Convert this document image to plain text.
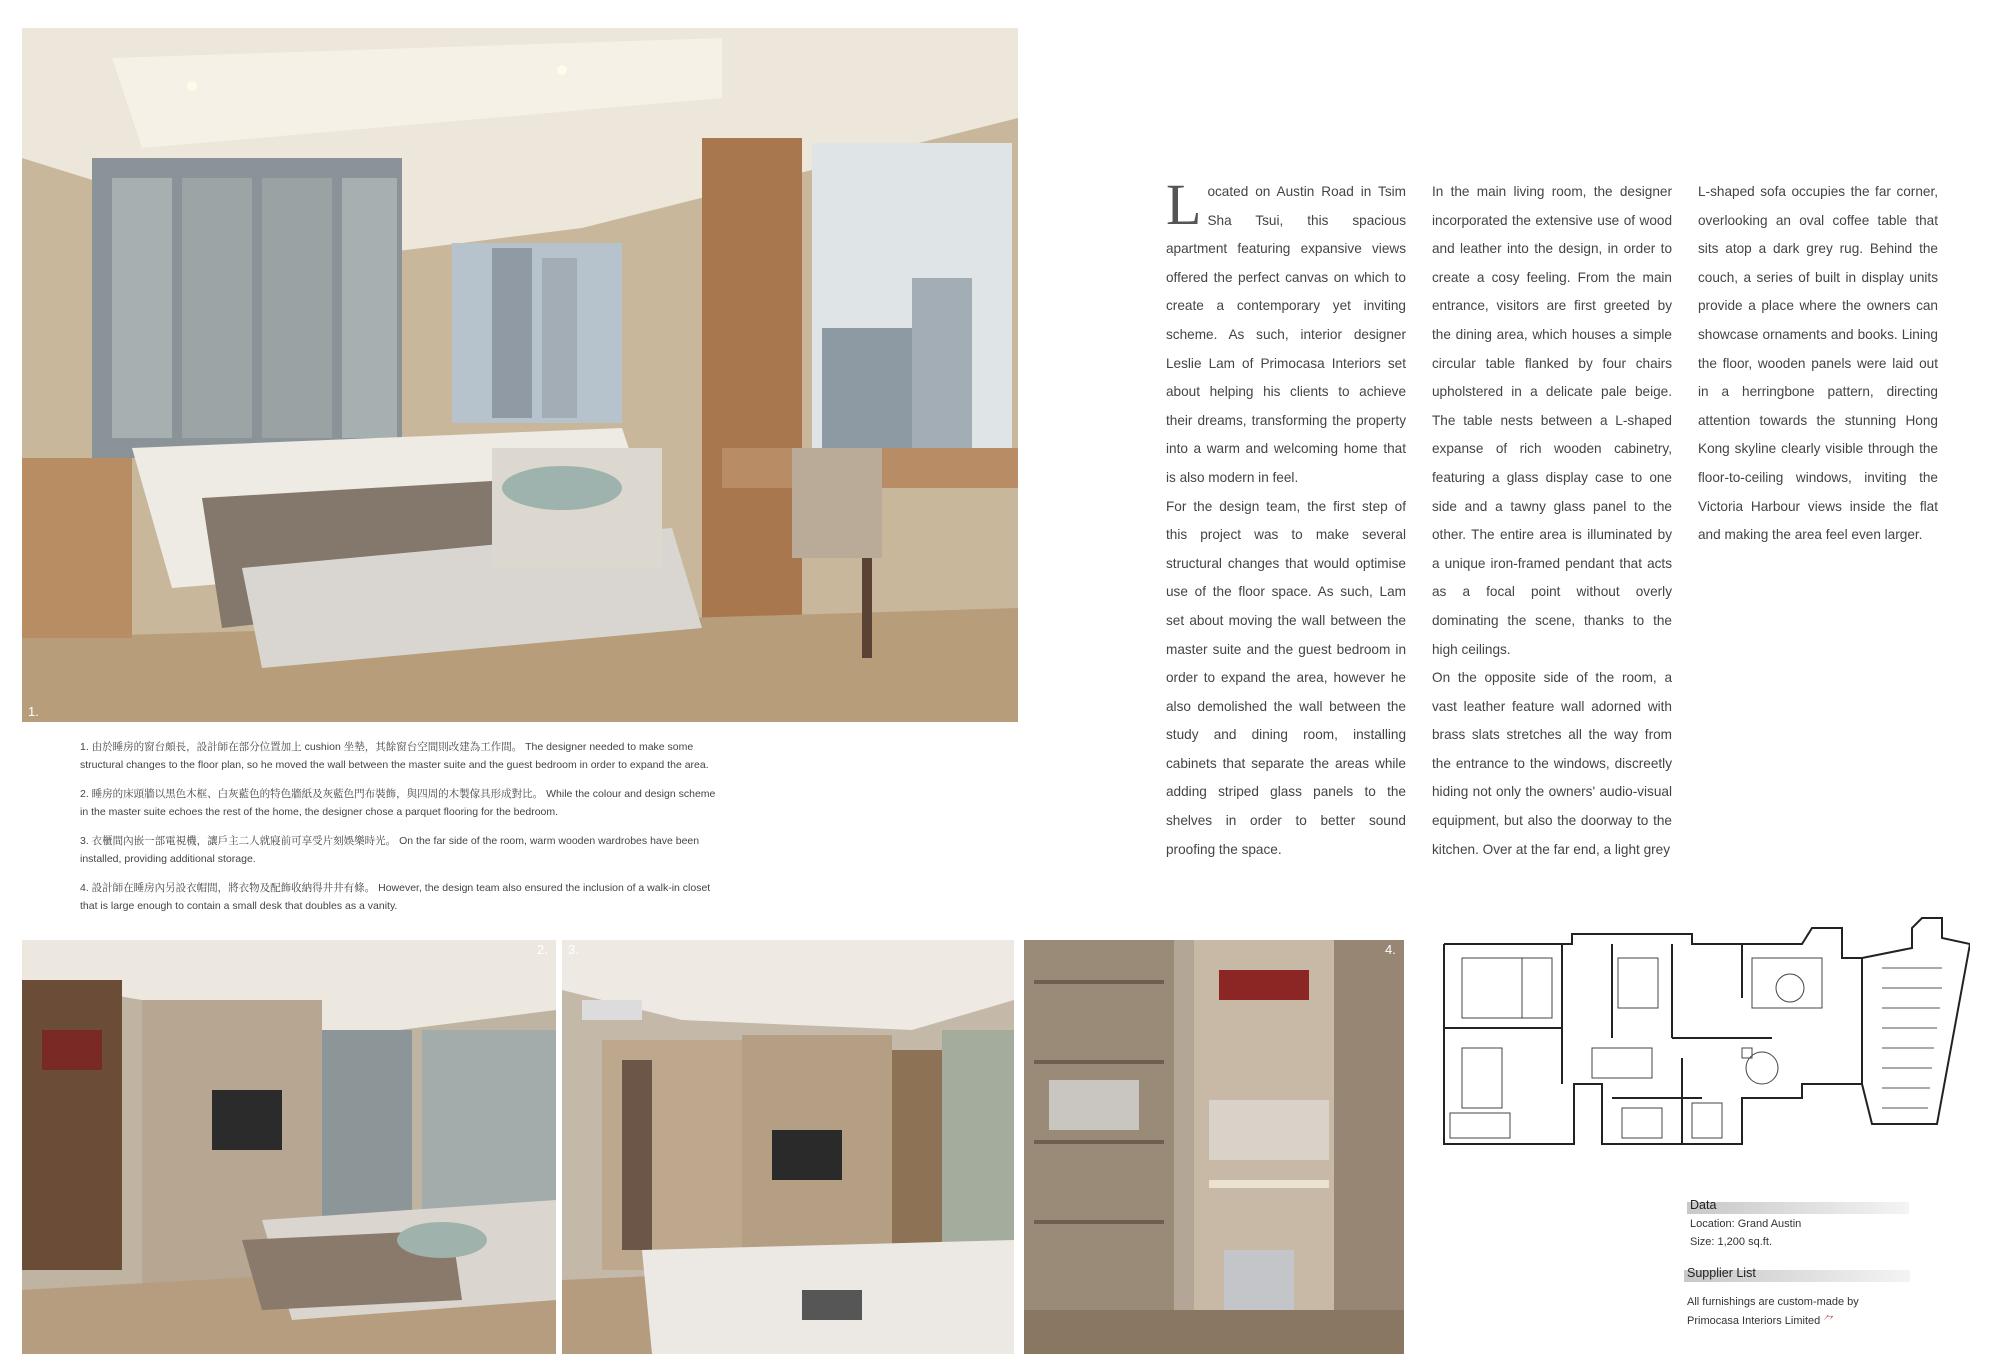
1.

1. 由於睡房的窗台頗長，設計師在部分位置加上 cushion 坐墊，其餘窗台空間則改建為工作間。 The designer needed to make some structural changes to the floor plan, so he moved the wall between the master suite and the guest bedroom in order to expand the area.

2. 睡房的床頭牆以黑色木框、白灰藍色的特色牆紙及灰藍色門布裝飾，與四周的木製傢具形成對比。 While the colour and design scheme in the master suite echoes the rest of the home, the designer chose a parquet flooring for the bedroom.

3. 衣櫃間內嵌一部電視機，讓戶主二人就寢前可享受片刻娛樂時光。 On the far side of the room, warm wooden wardrobes have been installed, providing additional storage.

4. 設計師在睡房內另設衣帽間，將衣物及配飾收納得井井有條。 However, the design team also ensured the inclusion of a walk-in closet that is large enough to contain a small desk that doubles as a vanity.

2. 3.	4.

Located on Austin Road in Tsim Sha Tsui, this spacious apartment featuring expansive views offered the perfect canvas on which to create a contemporary yet inviting scheme. As such, interior designer Leslie Lam of Primocasa Interiors set about helping his clients to achieve their dreams, transforming the property into a warm and welcoming home that is also modern in feel.

For the design team, the first step of this project was to make several structural changes that would optimise use of the floor space. As such, Lam set about moving the wall between the master suite and the guest bedroom in order to expand the area, however he also demolished the wall between the study and dining room, installing cabinets that separate the areas while adding striped glass panels to the shelves in order to better sound proofing the space.

In the main living room, the designer incorporated the extensive use of wood and leather into the design, in order to create a cosy feeling. From the main entrance, visitors are first greeted by the dining area, which houses a simple circular table flanked by four chairs upholstered in a delicate pale beige. The table nests between a L-shaped expanse of rich wooden cabinetry, featuring a glass display case to one side and a tawny glass panel to the other. The entire area is illuminated by a unique iron-framed pendant that acts as a focal point without overly dominating the scene, thanks to the high ceilings.

On the opposite side of the room, a vast leather feature wall adorned with brass slats stretches all the way from the entrance to the windows, discreetly hiding not only the owners' audio-visual equipment, but also the doorway to the kitchen. Over at the far end, a light grey

L-shaped sofa occupies the far corner, overlooking an oval coffee table that sits atop a dark grey rug. Behind the couch, a series of built in display units provide a place where the owners can showcase ornaments and books. Lining the floor, wooden panels were laid out in a herringbone pattern, directing attention towards the stunning Hong Kong skyline clearly visible through the floor-to-ceiling windows, inviting the Victoria Harbour views inside the flat and making the area feel even larger.

Data
Location: Grand Austin
Size: 1,200 sq.ft.
Supplier List
All furnishings are custom-made by
Primocasa Interiors Limited ⺈
